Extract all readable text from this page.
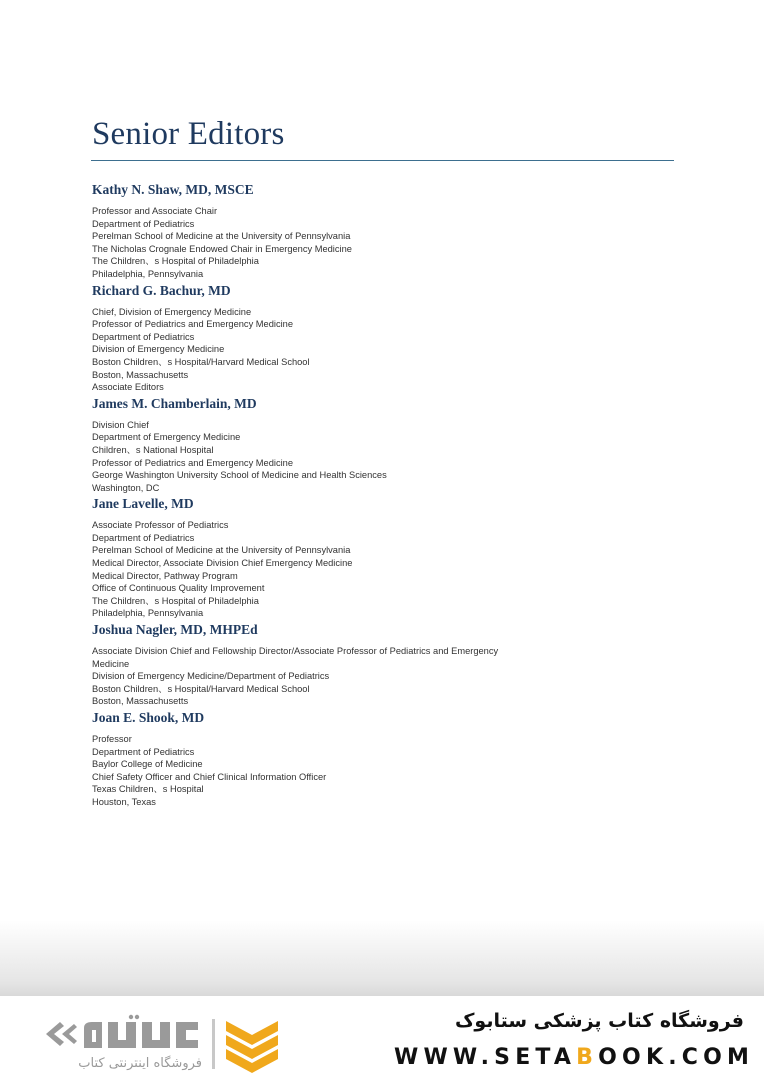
Senior Editors
Kathy N. Shaw, MD, MSCE
Professor and Associate Chair
Department of Pediatrics
Perelman School of Medicine at the University of Pennsylvania
The Nicholas Crognale Endowed Chair in Emergency Medicine
The Children、s Hospital of Philadelphia
Philadelphia, Pennsylvania
Richard G. Bachur, MD
Chief, Division of Emergency Medicine
Professor of Pediatrics and Emergency Medicine
Department of Pediatrics
Division of Emergency Medicine
Boston Children、s Hospital/Harvard Medical School
Boston, Massachusetts
Associate Editors
James M. Chamberlain, MD
Division Chief
Department of Emergency Medicine
Children、s National Hospital
Professor of Pediatrics and Emergency Medicine
George Washington University School of Medicine and Health Sciences
Washington, DC
Jane Lavelle, MD
Associate Professor of Pediatrics
Department of Pediatrics
Perelman School of Medicine at the University of Pennsylvania
Medical Director, Associate Division Chief Emergency Medicine
Medical Director, Pathway Program
Office of Continuous Quality Improvement
The Children、s Hospital of Philadelphia
Philadelphia, Pennsylvania
Joshua Nagler, MD, MHPEd
Associate Division Chief and Fellowship Director/Associate Professor of Pediatrics and Emergency
Medicine
Division of Emergency Medicine/Department of Pediatrics
Boston Children、s Hospital/Harvard Medical School
Boston, Massachusetts
Joan E. Shook, MD
Professor
Department of Pediatrics
Baylor College of Medicine
Chief Safety Officer and Chief Clinical Information Officer
Texas Children、s Hospital
Houston, Texas
فروشگاه اینترنتی کتاب
فروشگاه کتاب پزشکی ستابوک
WWW.SETABOOK.COM
